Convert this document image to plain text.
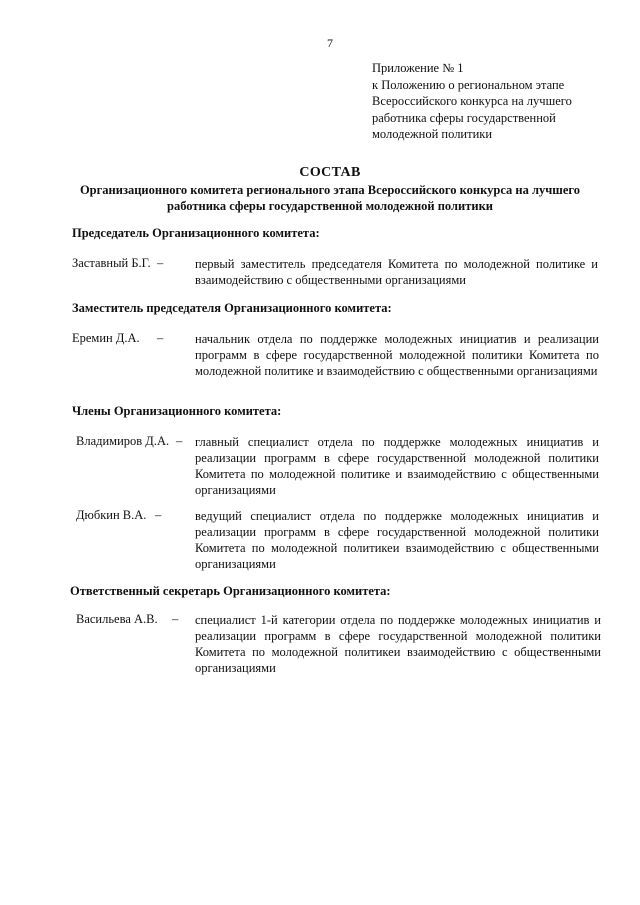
7
Приложение № 1
к Положению о региональном этапе
Всероссийского конкурса на лучшего
работника сферы государственной
молодежной политики
СОСТАВ
Организационного комитета регионального этапа Всероссийского конкурса на лучшего
работника сферы государственной молодежной политики
Председатель Организационного комитета:
Заставный Б.Г. –	первый заместитель председателя Комитета по молодежной политике и взаимодействию с общественными организациями
Заместитель председателя Организационного комитета:
Еремин Д.А. –	начальник отдела по поддержке молодежных инициатив и реализации программ в сфере государственной молодежной политики Комитета по молодежной политике и взаимодействию с общественными организациями
Члены Организационного комитета:
Владимиров Д.А. – главный специалист отдела по поддержке молодежных инициатив и реализации программ в сфере государственной молодежной политики Комитета по молодежной политике и взаимодействию с общественными организациями
Дюбкин В.А. –	ведущий специалист отдела по поддержке молодежных инициатив и реализации программ в сфере государственной молодежной политики Комитета по молодежной политикеи взаимодействию с общественными организациями
Ответственный секретарь Организационного комитета:
Васильева А.В. – специалист 1-й категории отдела по поддержке молодежных инициатив и реализации программ в сфере государственной молодежной политики Комитета по молодежной политикеи взаимодействию с общественными организациями
